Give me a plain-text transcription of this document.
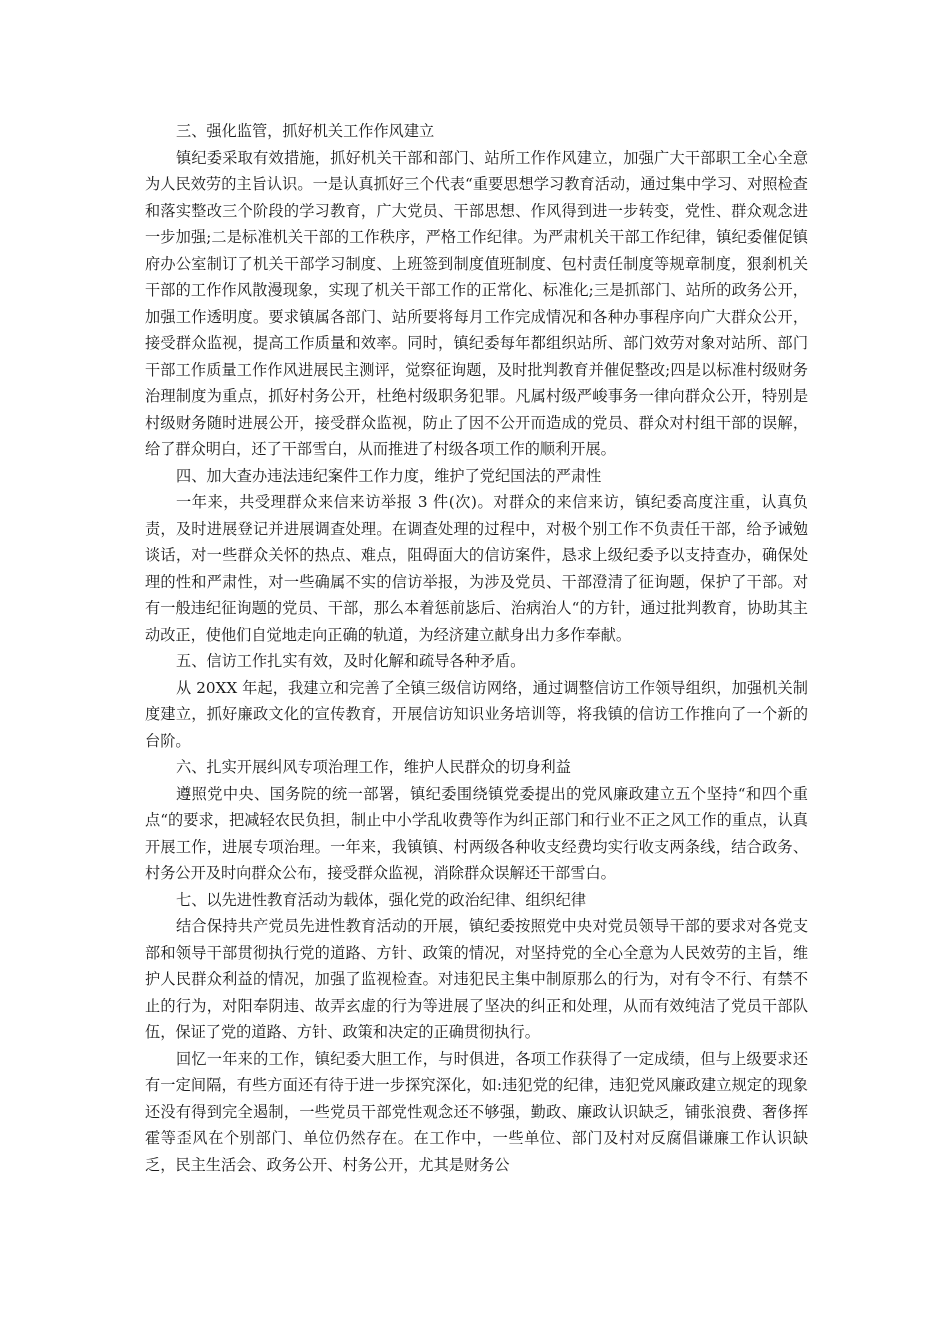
三、强化监管，抓好机关工作作风建立

镇纪委采取有效措施，抓好机关干部和部门、站所工作作风建立，加强广大干部职工全心全意为人民效劳的主旨认识。一是认真抓好三个代表“重要思想学习教育活动，通过集中学习、对照检查和落实整改三个阶段的学习教育，广大党员、干部思想、作风得到进一步转变，党性、群众观念进一步加强;二是标准机关干部的工作秩序，严格工作纪律。为严肃机关干部工作纪律，镇纪委催促镇府办公室制订了机关干部学习制度、上班签到制度值班制度、包村责任制度等规章制度，狠刹机关干部的工作作风散漫现象，实现了机关干部工作的正常化、标准化;三是抓部门、站所的政务公开，加强工作透明度。要求镇属各部门、站所要将每月工作完成情况和各种办事程序向广大群众公开，接受群众监视，提高工作质量和效率。同时，镇纪委每年都组织站所、部门效劳对象对站所、部门干部工作质量工作作风进展民主测评，觉察征询题，及时批判教育并催促整改;四是以标准村级财务治理制度为重点，抓好村务公开，杜绝村级职务犯罪。凡属村级严峻事务一律向群众公开，特别是村级财务随时进展公开，接受群众监视，防止了因不公开而造成的党员、群众对村组干部的误解，给了群众明白，还了干部雪白，从而推进了村级各项工作的顺利开展。

四、加大查办违法违纪案件工作力度，维护了党纪国法的严肃性

一年来，共受理群众来信来访举报 3 件(次)。对群众的来信来访，镇纪委高度注重，认真负责，及时进展登记并进展调查处理。在调查处理的过程中，对极个别工作不负责任干部，给予诫勉谈话，对一些群众关怀的热点、难点，阻碍面大的信访案件，恳求上级纪委予以支持查办，确保处理的性和严肃性，对一些确属不实的信访举报，为涉及党员、干部澄清了征询题，保护了干部。对有一般违纪征询题的党员、干部，那么本着惩前毖后、治病治人“的方针，通过批判教育，协助其主动改正，使他们自觉地走向正确的轨道，为经济建立献身出力多作奉献。

五、信访工作扎实有效，及时化解和疏导各种矛盾。

从 20XX 年起，我建立和完善了全镇三级信访网络，通过调整信访工作领导组织，加强机关制度建立，抓好廉政文化的宣传教育，开展信访知识业务培训等，将我镇的信访工作推向了一个新的台阶。

六、扎实开展纠风专项治理工作，维护人民群众的切身利益

遵照党中央、国务院的统一部署，镇纪委围绕镇党委提出的党风廉政建立五个坚持“和四个重点“的要求，把减轻农民负担，制止中小学乱收费等作为纠正部门和行业不正之风工作的重点，认真开展工作，进展专项治理。一年来，我镇镇、村两级各种收支经费均实行收支两条线，结合政务、村务公开及时向群众公布，接受群众监视，消除群众误解还干部雪白。

七、以先进性教育活动为载体，强化党的政治纪律、组织纪律

结合保持共产党员先进性教育活动的开展，镇纪委按照党中央对党员领导干部的要求对各党支部和领导干部贯彻执行党的道路、方针、政策的情况，对坚持党的全心全意为人民效劳的主旨，维护人民群众利益的情况，加强了监视检查。对违犯民主集中制原那么的行为，对有令不行、有禁不止的行为，对阳奉阴违、故弄玄虚的行为等进展了坚决的纠正和处理，从而有效纯洁了党员干部队伍，保证了党的道路、方针、政策和决定的正确贯彻执行。

回忆一年来的工作，镇纪委大胆工作，与时俱进，各项工作获得了一定成绩，但与上级要求还有一定间隔，有些方面还有待于进一步探究深化，如:违犯党的纪律，违犯党风廉政建立规定的现象还没有得到完全遏制，一些党员干部党性观念还不够强，勤政、廉政认识缺乏，铺张浪费、奢侈挥霍等歪风在个别部门、单位仍然存在。在工作中，一些单位、部门及村对反腐倡谦廉工作认识缺乏，民主生活会、政务公开、村务公开，尤其是财务公
